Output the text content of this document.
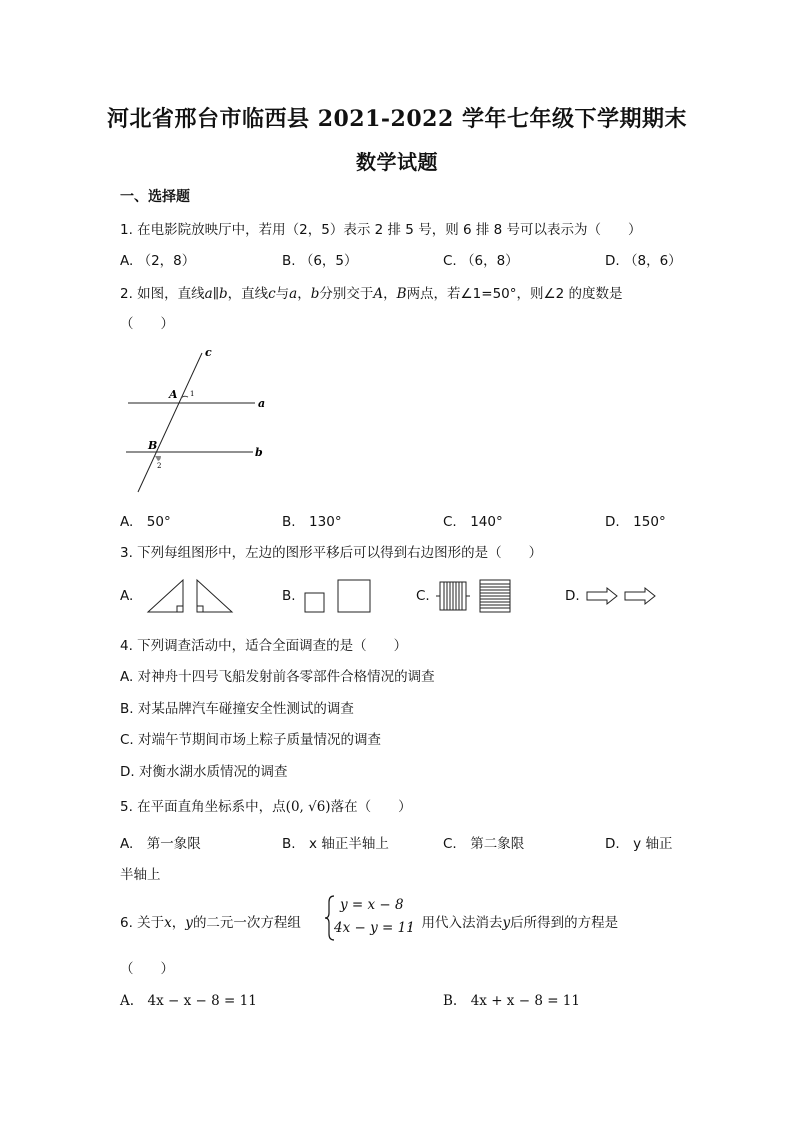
河北省邢台市临西县 2021-2022 学年七年级下学期期末
数学试题
一、选择题
1. 在电影院放映厅中，若用（2，5）表示 2 排 5 号，则 6 排 8 号可以表示为（　　）
A. （2，8）	B. （6，5）	C. （6，8）	D. （8，6）
2. 如图，直线a∥b，直线c与a，b分别交于A，B两点，若∠1=50°，则∠2 的度数是
（　　）
c
a
b
A
B
1
2
A.　50°	B.　130°	C.　140°	D.　150°
3. 下列每组图形中，左边的图形平移后可以得到右边图形的是（　　）
A.	B.	C.	D.
4. 下列调查活动中，适合全面调查的是（　　）
A. 对神舟十四号飞船发射前各零部件合格情况的调查
B. 对某品牌汽车碰撞安全性测试的调查
C. 对端午节期间市场上粽子质量情况的调查
D. 对衡水湖水质情况的调查
5. 在平面直角坐标系中，点(0, √6)落在（　　）
A.　第一象限	B.　x 轴正半轴上	C.　第二象限	D.　y 轴正
半轴上
6. 关于x，y的二元一次方程组
y = x − 8
4x − y = 11
，用代入法消去y后所得到的方程是
（　　）
A.　4x − x − 8 = 11	B.　4x + x − 8 = 11
